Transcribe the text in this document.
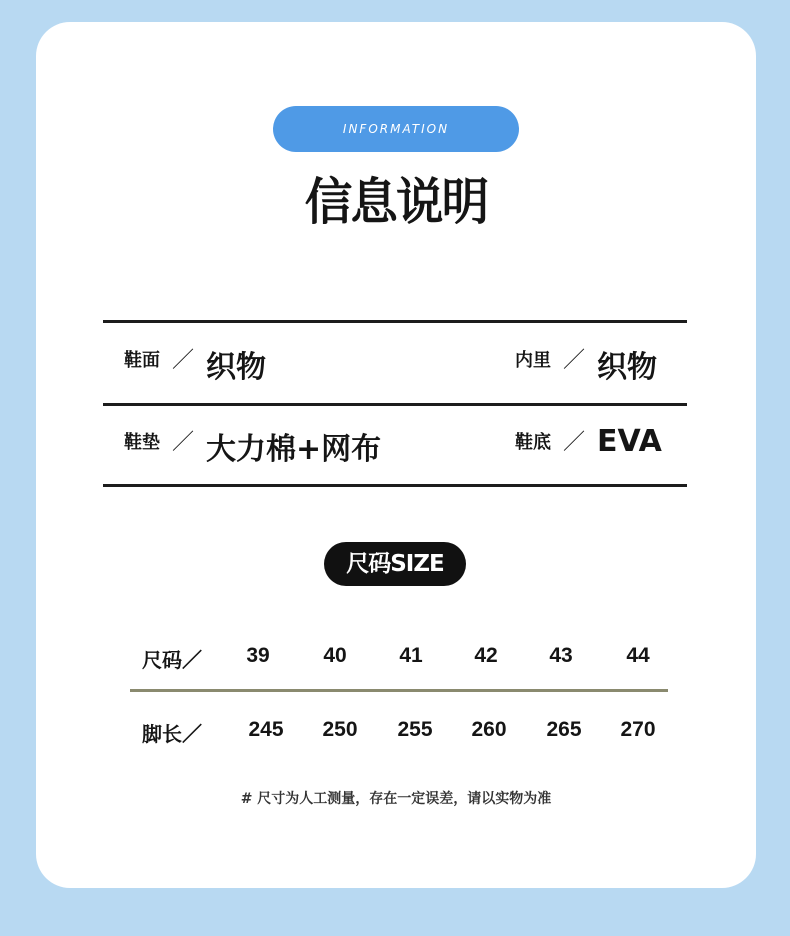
INFORMATION
信息说明
鞋面 ／ 织物	内里 ／ 织物
鞋垫 ／ 大力棉+网布	鞋底 ／ EVA
尺码SIZE
尺码／	39	40	41	42	43	44
脚长／	245	250	255	260	265	270
# 尺寸为人工测量，存在一定误差，请以实物为准
